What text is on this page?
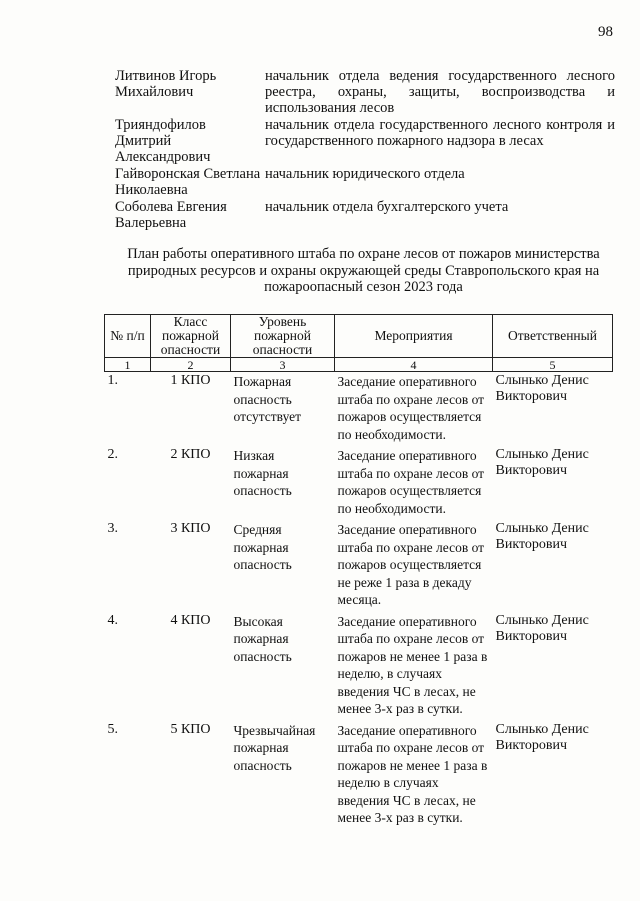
98
Литвинов Игорь Михайлович
начальник отдела ведения государственного лесного реестра, охраны, защиты, воспроизводства и использования лесов
Трияндофилов Дмитрий Александрович
начальник отдела государственного лесного контроля и государственного пожарного надзора в лесах
Гайворонская Светлана Николаевна
начальник юридического отдела
Соболева Евгения Валерьевна
начальник отдела бухгалтерского учета
План работы оперативного штаба по охране лесов от пожаров министерства природных ресурсов и охраны окружающей среды Ставропольского края на пожароопасный сезон 2023 года
№ п/п	Класс пожарной опасности	Уровень пожарной опасности	Мероприятия	Ответственный
1	2	3	4	5
1.	1 КПО	Пожарная опасность отсутствует	Заседание оперативного штаба по охране лесов от пожаров осуществляется по необходимости.	Слынько Денис Викторович
2.	2 КПО	Низкая пожарная опасность	Заседание оперативного штаба по охране лесов от пожаров осуществляется по необходимости.	Слынько Денис Викторович
3.	3 КПО	Средняя пожарная опасность	Заседание оперативного штаба по охране лесов от пожаров осуществляется не реже 1 раза в декаду месяца.	Слынько Денис Викторович
4.	4 КПО	Высокая пожарная опасность	Заседание оперативного штаба по охране лесов от пожаров не менее 1 раза в неделю, в случаях введения ЧС в лесах, не менее 3-х раз в сутки.	Слынько Денис Викторович
5.	5 КПО	Чрезвычайная пожарная опасность	Заседание оперативного штаба по охране лесов от пожаров не менее 1 раза в неделю в случаях введения ЧС в лесах, не менее 3-х раз в сутки.	Слынько Денис Викторович
